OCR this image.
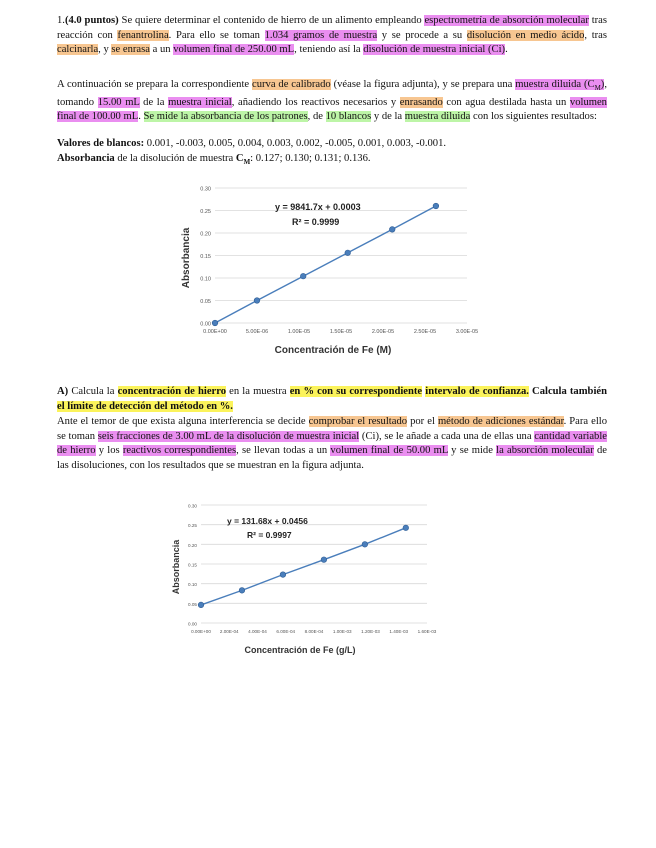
1.(4.0 puntos) Se quiere determinar el contenido de hierro de un alimento empleando espectrometría de absorción molecular tras reacción con fenantrolina. Para ello se toman 1.034 gramos de muestra y se procede a su disolución en medio ácido, tras calcinarla, y se enrasa a un volumen final de 250.00 mL, teniendo así la disolución de muestra inicial (Ci).
A continuación se prepara la correspondiente curva de calibrado (véase la figura adjunta), y se prepara una muestra diluida $(C_M)$, tomando 15.00 mL de la muestra inicial, añadiendo los reactivos necesarios y enrasando con agua destilada hasta un volumen final de 100.00 mL. Se mide la absorbancia de los patrones, de 10 blancos y de la muestra diluida con los siguientes resultados:
Valores de blancos: 0.001, -0.003, 0.005, 0.004, 0.003, 0.002, -0.005, 0.001, 0.003, -0.001.
Absorbancia de la disolución de muestra $C_M$: 0.127; 0.130; 0.131; 0.136.
0.00
0.05
0.10
0.15
0.20
0.25
0.30
0.00E+00	5.00E-06	1.00E-05	1.50E-05	2.00E-05	2.50E-05	3.00E-05
y = 9841.7x + 0.0003
R² = 0.9999
Absorbancia
Concentración de Fe (M)
A) Calcula la concentración de hierro en la muestra en % con su correspondiente intervalo de confianza. Calcula también el límite de detección del método en %.
Ante el temor de que exista alguna interferencia se decide comprobar el resultado por el método de adiciones estándar. Para ello se toman seis fracciones de 3.00 mL de la disolución de muestra inicial (Ci), se le añade a cada una de ellas una cantidad variable de hierro y los reactivos correspondientes, se llevan todas a un volumen final de 50.00 mL y se mide la absorción molecular de las disoluciones, con los resultados que se muestran en la figura adjunta.
0.00
0.05
0.10
0.15
0.20
0.25
0.30
0.00E+00 2.00E-04 4.00E-04 6.00E-04 8.00E-04 1.00E-03 1.20E-03 1.40E-03 1.60E-03
y = 131.68x + 0.0456
R² = 0.9997
Absorbancia
Concentración de Fe (g/L)
